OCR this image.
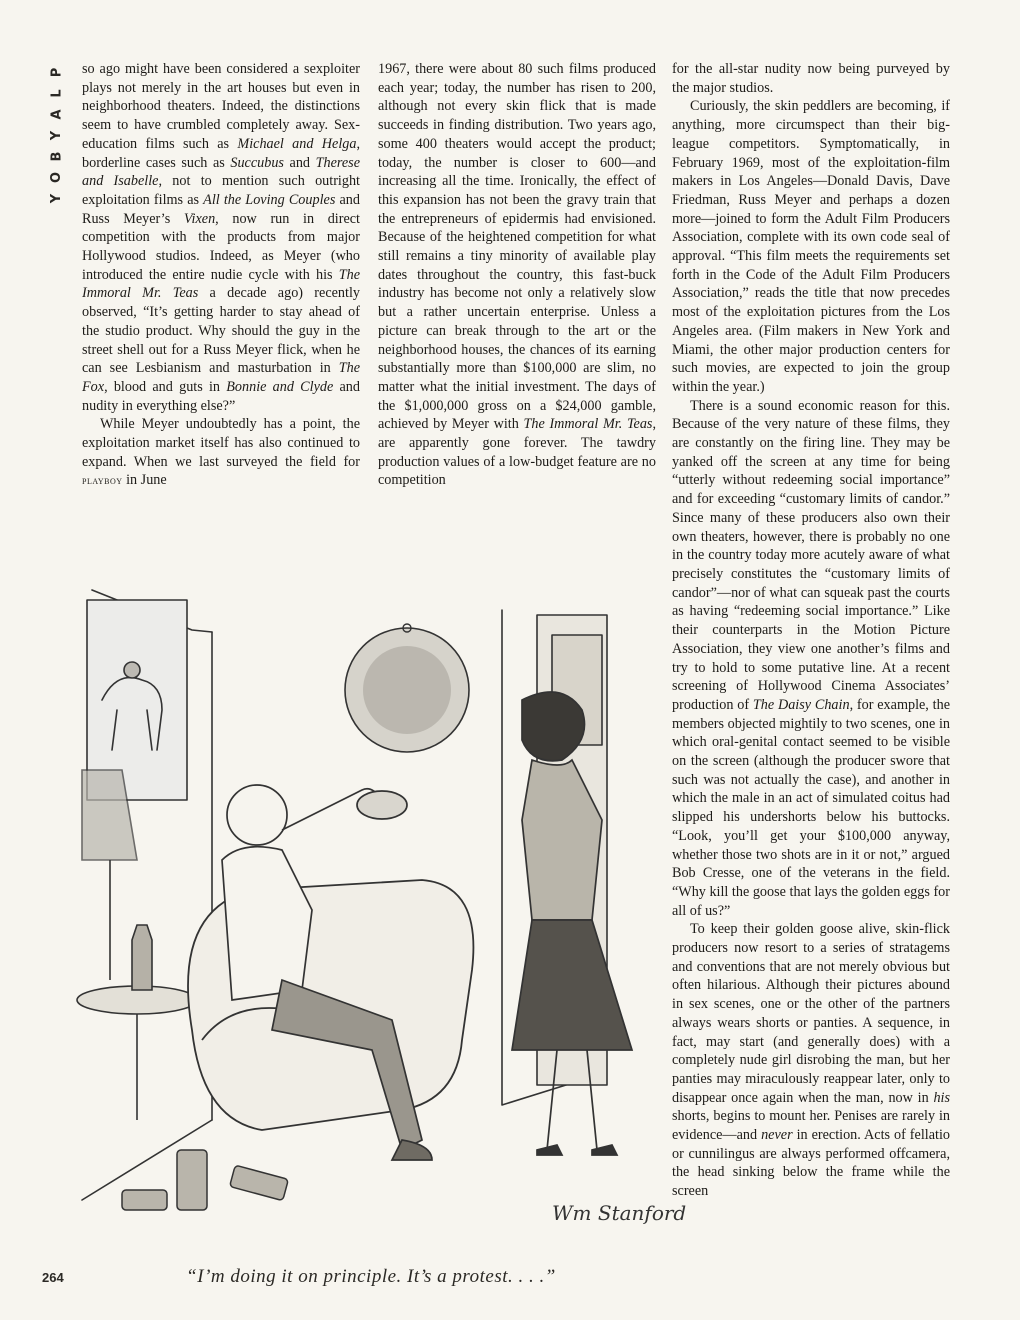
P
L
A
Y
B
O
Y

so ago might have been considered a sexploiter plays not merely in the art houses but even in neighborhood theaters. Indeed, the distinctions seem to have crumbled completely away. Sex-education films such as Michael and Helga, borderline cases such as Succubus and Therese and Isabelle, not to mention such outright exploitation films as All the Loving Couples and Russ Meyer’s Vixen, now run in direct competition with the products from major Hollywood studios. Indeed, as Meyer (who introduced the entire nudie cycle with his The Immoral Mr. Teas a decade ago) recently observed, “It’s getting harder to stay ahead of the studio product. Why should the guy in the street shell out for a Russ Meyer flick, when he can see Lesbianism and masturbation in The Fox, blood and guts in Bonnie and Clyde and nudity in everything else?”

While Meyer undoubtedly has a point, the exploitation market itself has also continued to expand. When we last surveyed the field for playboy in June

1967, there were about 80 such films produced each year; today, the number has risen to 200, although not every skin flick that is made succeeds in finding distribution. Two years ago, some 400 theaters would accept the product; today, the number is closer to 600—and increasing all the time. Ironically, the effect of this expansion has not been the gravy train that the entrepreneurs of epidermis had envisioned. Because of the heightened competition for what still remains a tiny minority of available play dates throughout the country, this fast-buck industry has become not only a relatively slow but a rather uncertain enterprise. Unless a picture can break through to the art or the neighborhood houses, the chances of its earning substantially more than $100,000 are slim, no matter what the initial investment. The days of the $1,000,000 gross on a $24,000 gamble, achieved by Meyer with The Immoral Mr. Teas, are apparently gone forever. The tawdry production values of a low-budget feature are no competition

for the all-star nudity now being purveyed by the major studios.

Curiously, the skin peddlers are becoming, if anything, more circumspect than their big-league competitors. Symptomatically, in February 1969, most of the exploitation-film makers in Los Angeles—Donald Davis, Dave Friedman, Russ Meyer and perhaps a dozen more—joined to form the Adult Film Producers Association, complete with its own code seal of approval. “This film meets the requirements set forth in the Code of the Adult Film Producers Association,” reads the title that now precedes most of the exploitation pictures from the Los Angeles area. (Film makers in New York and Miami, the other major production centers for such movies, are expected to join the group within the year.)

There is a sound economic reason for this. Because of the very nature of these films, they are constantly on the firing line. They may be yanked off the screen at any time for being “utterly without redeeming social importance” and for exceeding “customary limits of candor.” Since many of these producers also own their own theaters, however, there is probably no one in the country today more acutely aware of what precisely constitutes the “customary limits of candor”—nor of what can squeak past the courts as having “redeeming social importance.” Like their counterparts in the Motion Picture Association, they view one another’s films and try to hold to some putative line. At a recent screening of Hollywood Cinema Associates’ production of The Daisy Chain, for example, the members objected mightily to two scenes, one in which oral-genital contact seemed to be visible on the screen (although the producer swore that such was not actually the case), and another in which the male in an act of simulated coitus had slipped his undershorts below his buttocks. “Look, you’ll get your $100,000 anyway, whether those two shots are in it or not,” argued Bob Cresse, one of the veterans in the field. “Why kill the goose that lays the golden eggs for all of us?”

To keep their golden goose alive, skin-flick producers now resort to a series of stratagems and conventions that are not merely obvious but often hilarious. Although their pictures abound in sex scenes, one or the other of the partners always wears shorts or panties. A sequence, in fact, may start (and generally does) with a completely nude girl disrobing the man, but her panties may miraculously reappear later, only to disappear once again when the man, now in his shorts, begins to mount her. Penises are rarely in evidence—and never in erection. Acts of fellatio or cunnilingus are always performed offcamera, the head sinking below the frame while the screen

Wm Stanford
“I’m doing it on principle. It’s a protest. . . .”
264
